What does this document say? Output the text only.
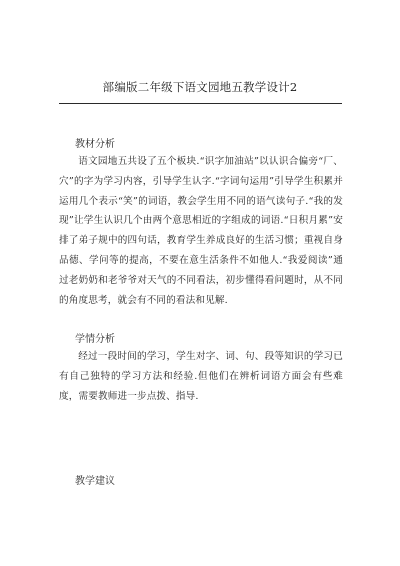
部编版二年级下语文园地五教学设计2
教材分析
语文园地五共设了五个板块.“识字加油站”以认识合偏旁“厂、穴”的字为学习内容，引导学生认字.“字词句运用”引导学生积累并运用几个表示“笑”的词语，教会学生用不同的语气读句子.“我的发现”让学生认识几个由两个意思相近的字组成的词语.“日积月累”安排了弟子规中的四句话，教育学生养成良好的生活习惯；重视自身品德、学问等的提高，不要在意生活条件不如他人.“我爱阅读”通过老奶奶和老爷爷对天气的不同看法，初步懂得看问题时，从不同的角度思考，就会有不同的看法和见解.
学情分析
经过一段时间的学习，学生对字、词、句、段等知识的学习已有自己独特的学习方法和经验.但他们在辨析词语方面会有些难度，需要教师进一步点拨、指导.
教学建议
